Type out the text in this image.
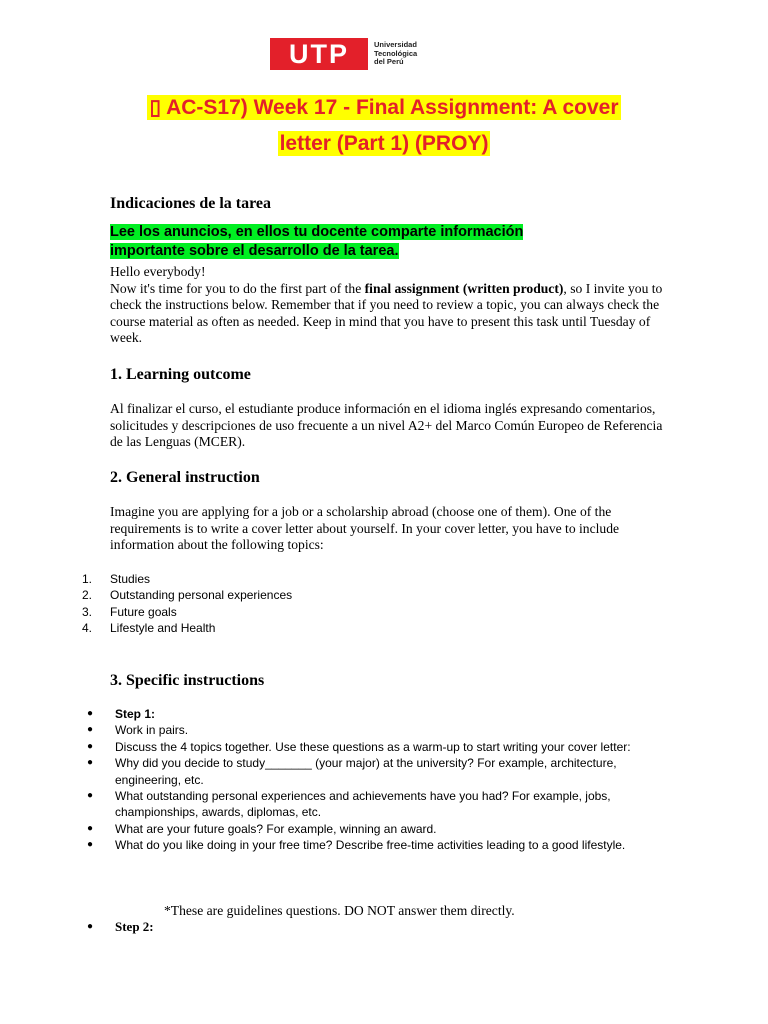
UTP	Universidad
Tecnológica
del Perú
▯ AC-S17) Week 17 - Final Assignment: A cover
letter (Part 1) (PROY)
Indicaciones de la tarea
Lee los anuncios, en ellos tu docente comparte información
importante sobre el desarrollo de la tarea.
Hello everybody!
Now it's time for you to do the first part of the final assignment (written product), so I invite you to check the instructions below. Remember that if you need to review a topic, you can always check the course material as often as needed. Keep in mind that you have to present this task until Tuesday of week.
1. Learning outcome
Al finalizar el curso, el estudiante produce información en el idioma inglés expresando comentarios, solicitudes y descripciones de uso frecuente a un nivel A2+ del Marco Común Europeo de Referencia de las Lenguas (MCER).
2. General instruction
Imagine you are applying for a job or a scholarship abroad (choose one of them). One of the requirements is to write a cover letter about yourself. In your cover letter, you have to include information about the following topics:
1.	Studies
2.	Outstanding personal experiences
3.	Future goals
4.	Lifestyle and Health
3. Specific instructions
●	Step 1:
●	Work in pairs.
●	Discuss the 4 topics together. Use these questions as a warm-up to start writing your cover letter:
●	Why did you decide to study_______ (your major) at the university? For example, architecture, engineering, etc.
●	What outstanding personal experiences and achievements have you had? For example, jobs, championships, awards, diplomas, etc.
●	What are your future goals? For example, winning an award.
●	What do you like doing in your free time? Describe free-time activities leading to a good lifestyle.
*These are guidelines questions. DO NOT answer them directly.
●	Step 2:
